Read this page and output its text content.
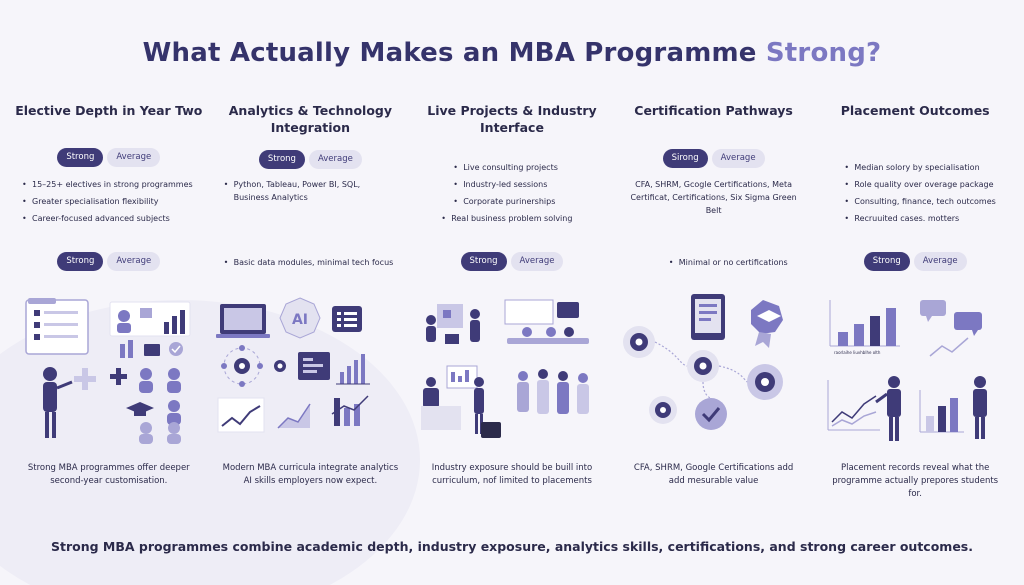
What Actually Makes an MBA Programme Strong?
Elective Depth in Year Two
Strong	Average
• 15–25+ electives in strong programmes
• Greater specialisation flexibility
• Career-focused advanced subjects
Strong	Average
Strong MBA programmes offer deeper second-year customisation.
Analytics & Technology Integration
Strong	Average
• Python, Tableau, Power BI, SQL, Business Analytics
• Basic data modules, minimal tech focus
AI
Modern MBA curricula integrate analytics AI skills employers now expect.
Live Projects & Industry Interface
• Live consulting projects
• Industry-led sessions
• Corporate purinerships
• Real business problem solving
Strong	Average
Industry exposure should be buill into curriculum, nof limited to placements
Certification Pathways
Sirong	Average
CFA, SHRM, Gcogle Certifications, Meta Certificat, Certifications, Six Sigma Green Belt
• Minimal or no certifications
CFA, SHRM, Google Certifications add add mesurable value
Placement Outcomes
• Median solory by specialisation
• Role quality over overage package
• Consulting, finance, tech outcomes
• Recruuited cases. motters
Strong	Average
raorlaihe liuvhblhe olth
Placement records reveal what the programme actually prepores students for.
Strong MBA programmes combine academic depth, industry exposure, analytics skills, certifications, and strong career outcomes.
